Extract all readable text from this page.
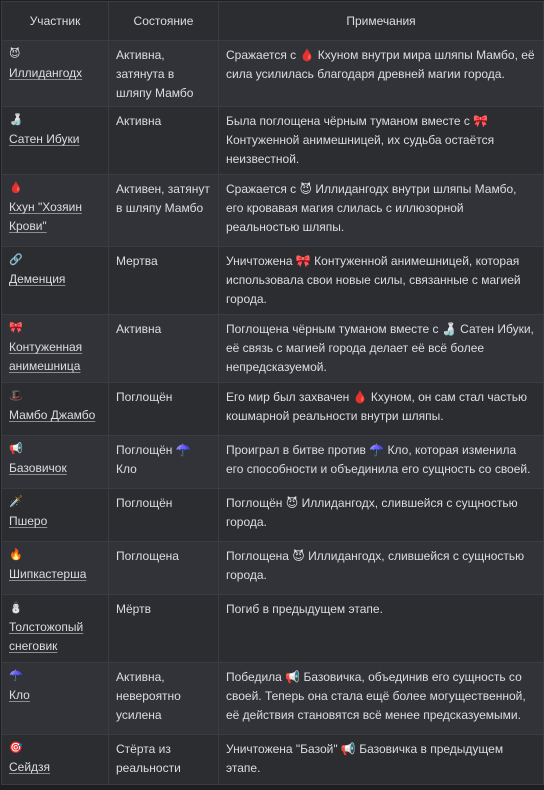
Участник	Состояние	Примечания

😈
Иллидангодх	Активна, затянута в шляпу Мамбо	Сражается с 🩸 Кхуном внутри мира шляпы Мамбо, её сила усилилась благодаря древней магии города.

🍶
Сатен Ибуки	Активна	Была поглощена чёрным туманом вместе с 🎀 Контуженной анимешницей, их судьба остаётся неизвестной.

🩸
Кхун "Хозяин Крови"	Активен, затянут в шляпу Мамбо	Сражается с 😈 Иллидангодх внутри шляпы Мамбо, его кровавая магия слилась с иллюзорной реальностью шляпы.

🔗
Деменция	Мертва	Уничтожена 🎀 Контуженной анимешницей, которая использовала свои новые силы, связанные с магией города.

🎀
Контуженная анимешница	Активна	Поглощена чёрным туманом вместе с 🍶 Сатен Ибуки, её связь с магией города делает её всё более непредсказуемой.

🎩
Мамбо Джамбо	Поглощён	Его мир был захвачен 🩸 Кхуном, он сам стал частью кошмарной реальности внутри шляпы.

📢
Базовичок	Поглощён ☂️ Кло	Проиграл в битве против ☂️ Кло, которая изменила его способности и объединила его сущность со своей.

🗡️
Пшеро	Поглощён	Поглощён 😈 Иллидангодх, слившейся с сущностью города.

🔥
Шипкастерша	Поглощена	Поглощена 😈 Иллидангодх, слившейся с сущностью города.

⛄
Толстожопый снеговик	Мёртв	Погиб в предыдущем этапе.

☂️
Кло	Активна, невероятно усилена	Победила 📢 Базовичка, объединив его сущность со своей. Теперь она стала ещё более могущественной, её действия становятся всё менее предсказуемыми.

🎯
Сейдзя	Стёрта из реальности	Уничтожена "Базой" 📢 Базовичка в предыдущем этапе.
